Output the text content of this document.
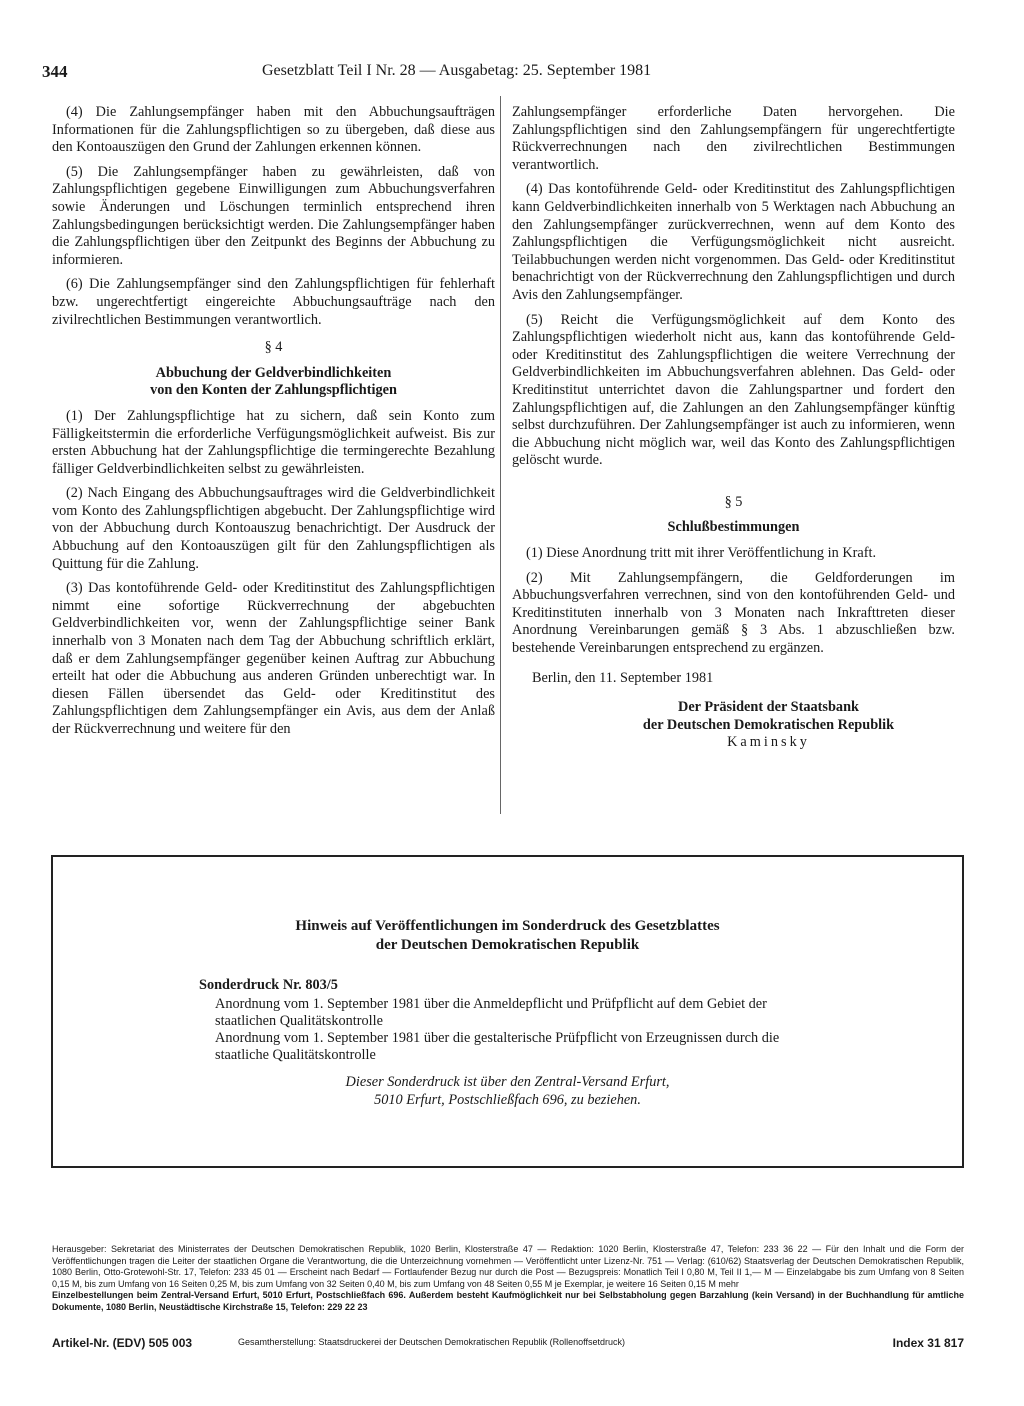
344	Gesetzblatt Teil I Nr. 28 — Ausgabetag: 25. September 1981

(4) Die Zahlungsempfänger haben mit den Abbuchungsaufträgen Informationen für die Zahlungspflichtigen so zu übergeben, daß diese aus den Kontoauszügen den Grund der Zahlungen erkennen können.

(5) Die Zahlungsempfänger haben zu gewährleisten, daß von Zahlungspflichtigen gegebene Einwilligungen zum Abbuchungsverfahren sowie Änderungen und Löschungen terminlich entsprechend ihren Zahlungsbedingungen berücksichtigt werden. Die Zahlungsempfänger haben die Zahlungspflichtigen über den Zeitpunkt des Beginns der Abbuchung zu informieren.

(6) Die Zahlungsempfänger sind den Zahlungspflichtigen für fehlerhaft bzw. ungerechtfertigt eingereichte Abbuchungsaufträge nach den zivilrechtlichen Bestimmungen verantwortlich.

§ 4
Abbuchung der Geldverbindlichkeiten
von den Konten der Zahlungspflichtigen

(1) Der Zahlungspflichtige hat zu sichern, daß sein Konto zum Fälligkeitstermin die erforderliche Verfügungsmöglichkeit aufweist. Bis zur ersten Abbuchung hat der Zahlungspflichtige die termingerechte Bezahlung fälliger Geldverbindlichkeiten selbst zu gewährleisten.

(2) Nach Eingang des Abbuchungsauftrages wird die Geldverbindlichkeit vom Konto des Zahlungspflichtigen abgebucht. Der Zahlungspflichtige wird von der Abbuchung durch Kontoauszug benachrichtigt. Der Ausdruck der Abbuchung auf den Kontoauszügen gilt für den Zahlungspflichtigen als Quittung für die Zahlung.

(3) Das kontoführende Geld- oder Kreditinstitut des Zahlungspflichtigen nimmt eine sofortige Rückverrechnung der abgebuchten Geldverbindlichkeiten vor, wenn der Zahlungspflichtige seiner Bank innerhalb von 3 Monaten nach dem Tag der Abbuchung schriftlich erklärt, daß er dem Zahlungsempfänger gegenüber keinen Auftrag zur Abbuchung erteilt hat oder die Abbuchung aus anderen Gründen unberechtigt war. In diesen Fällen übersendet das Geld- oder Kreditinstitut des Zahlungspflichtigen dem Zahlungsempfänger ein Avis, aus dem der Anlaß der Rückverrechnung und weitere für den

Zahlungsempfänger erforderliche Daten hervorgehen. Die Zahlungspflichtigen sind den Zahlungsempfängern für ungerechtfertigte Rückverrechnungen nach den zivilrechtlichen Bestimmungen verantwortlich.

(4) Das kontoführende Geld- oder Kreditinstitut des Zahlungspflichtigen kann Geldverbindlichkeiten innerhalb von 5 Werktagen nach Abbuchung an den Zahlungsempfänger zurückverrechnen, wenn auf dem Konto des Zahlungspflichtigen die Verfügungsmöglichkeit nicht ausreicht. Teilabbuchungen werden nicht vorgenommen. Das Geld- oder Kreditinstitut benachrichtigt von der Rückverrechnung den Zahlungspflichtigen und durch Avis den Zahlungsempfänger.

(5) Reicht die Verfügungsmöglichkeit auf dem Konto des Zahlungspflichtigen wiederholt nicht aus, kann das kontoführende Geld- oder Kreditinstitut des Zahlungspflichtigen die weitere Verrechnung der Geldverbindlichkeiten im Abbuchungsverfahren ablehnen. Das Geld- oder Kreditinstitut unterrichtet davon die Zahlungspartner und fordert den Zahlungspflichtigen auf, die Zahlungen an den Zahlungsempfänger künftig selbst durchzuführen. Der Zahlungsempfänger ist auch zu informieren, wenn die Abbuchung nicht möglich war, weil das Konto des Zahlungspflichtigen gelöscht wurde.

§ 5
Schlußbestimmungen

(1) Diese Anordnung tritt mit ihrer Veröffentlichung in Kraft.

(2) Mit Zahlungsempfängern, die Geldforderungen im Abbuchungsverfahren verrechnen, sind von den kontoführenden Geld- und Kreditinstituten innerhalb von 3 Monaten nach Inkrafttreten dieser Anordnung Vereinbarungen gemäß § 3 Abs. 1 abzuschließen bzw. bestehende Vereinbarungen entsprechend zu ergänzen.

Berlin, den 11. September 1981

Der Präsident der Staatsbank

der Deutschen Demokratischen Republik

Kaminsky

Hinweis auf Veröffentlichungen im Sonderdruck des Gesetzblattes
der Deutschen Demokratischen Republik

Sonderdruck Nr. 803/5

Anordnung vom 1. September 1981 über die Anmeldepflicht und Prüfpflicht auf dem Gebiet der staatlichen Qualitätskontrolle

Anordnung vom 1. September 1981 über die gestalterische Prüfpflicht von Erzeugnissen durch die staatliche Qualitätskontrolle

Dieser Sonderdruck ist über den Zentral-Versand Erfurt,
5010 Erfurt, Postschließfach 696, zu beziehen.
Herausgeber: Sekretariat des Ministerrates der Deutschen Demokratischen Republik, 1020 Berlin, Klosterstraße 47 — Redaktion: 1020 Berlin, Klosterstraße 47, Telefon: 233 36 22 — Für den Inhalt und die Form der Veröffentlichungen tragen die Leiter der staatlichen Organe die Verantwortung, die die Unterzeichnung vornehmen — Veröffentlicht unter Lizenz-Nr. 751 — Verlag: (610/62) Staatsverlag der Deutschen Demokratischen Republik, 1080 Berlin, Otto-Grotewohl-Str. 17, Telefon: 233 45 01 — Erscheint nach Bedarf — Fortlaufender Bezug nur durch die Post — Bezugspreis: Monatlich Teil I 0,80 M, Teil II 1,— M — Einzelabgabe bis zum Umfang von 8 Seiten 0,15 M, bis zum Umfang von 16 Seiten 0,25 M, bis zum Umfang von 32 Seiten 0,40 M, bis zum Umfang von 48 Seiten 0,55 M je Exemplar, je weitere 16 Seiten 0,15 M mehr
Einzelbestellungen beim Zentral-Versand Erfurt, 5010 Erfurt, Postschließfach 696. Außerdem besteht Kaufmöglichkeit nur bei Selbstabholung gegen Barzahlung (kein Versand) in der Buchhandlung für amtliche Dokumente, 1080 Berlin, Neustädtische Kirchstraße 15, Telefon: 229 22 23
Artikel-Nr. (EDV) 505 003	Gesamtherstellung: Staatsdruckerei der Deutschen Demokratischen Republik (Rollenoffsetdruck)	Index 31 817
